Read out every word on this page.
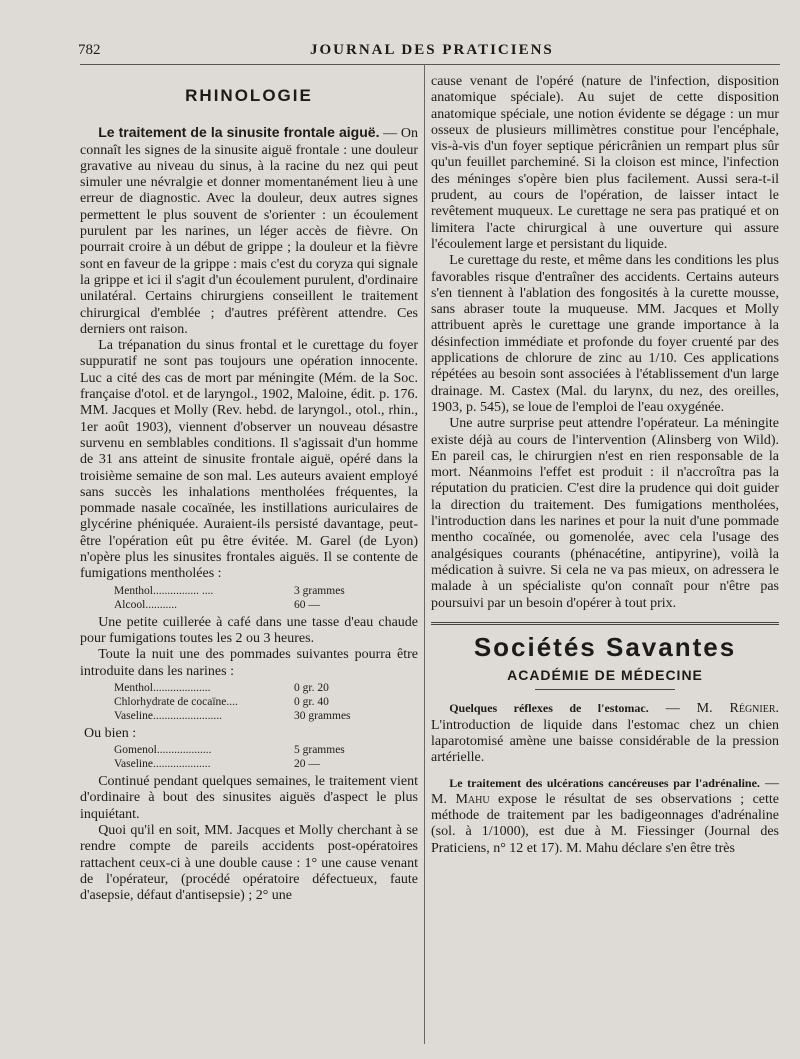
782	JOURNAL DES PRATICIENS
RHINOLOGIE

Le traitement de la sinusite frontale aiguë. — On connaît les signes de la sinusite aiguë frontale : une douleur gravative au niveau du sinus, à la racine du nez qui peut simuler une névralgie et donner momentanément lieu à une erreur de diagnostic. Avec la douleur, deux autres signes permettent le plus souvent de s'orienter : un écoulement purulent par les narines, un léger accès de fièvre. On pourrait croire à un début de grippe ; la douleur et la fièvre sont en faveur de la grippe : mais c'est du coryza qui signale la grippe et ici il s'agit d'un écoulement purulent, d'ordinaire unilatéral. Certains chirurgiens conseillent le traitement chirurgical d'emblée ; d'autres préfèrent attendre. Ces derniers ont raison.

La trépanation du sinus frontal et le curettage du foyer suppuratif ne sont pas toujours une opération innocente. Luc a cité des cas de mort par méningite (Mém. de la Soc. française d'otol. et de laryngol., 1902, Maloine, édit. p. 176. MM. Jacques et Molly (Rev. hebd. de laryngol., otol., rhin., 1er août 1903), viennent d'observer un nouveau désastre survenu en semblables conditions. Il s'agissait d'un homme de 31 ans atteint de sinusite frontale aiguë, opéré dans la troisième semaine de son mal. Les auteurs avaient employé sans succès les inhalations mentholées fréquentes, la pommade nasale cocaïnée, les instillations auriculaires de glycérine phéniquée. Auraient-ils persisté davantage, peut-être l'opération eût pu être évitée. M. Garel (de Lyon) n'opère plus les sinusites frontales aiguës. Il se contente de fumigations mentholées :

Menthol................ ....	3 grammes
Alcool...........	60 —

Une petite cuillerée à café dans une tasse d'eau chaude pour fumigations toutes les 2 ou 3 heures.

Toute la nuit une des pommades suivantes pourra être introduite dans les narines :

Menthol....................	0 gr. 20
Chlorhydrate de cocaïne....	0 gr. 40
Vaseline........................	30 grammes

Ou bien :

Gomenol...................	5 grammes
Vaseline....................	20 —

Continué pendant quelques semaines, le traitement vient d'ordinaire à bout des sinusites aiguës d'aspect le plus inquiétant.

Quoi qu'il en soit, MM. Jacques et Molly cherchant à se rendre compte de pareils accidents post-opératoires rattachent ceux-ci à une double cause : 1° une cause venant de l'opérateur, (procédé opératoire défectueux, faute d'asepsie, défaut d'antisepsie) ; 2° une

cause venant de l'opéré (nature de l'infection, disposition anatomique spéciale). Au sujet de cette disposition anatomique spéciale, une notion évidente se dégage : un mur osseux de plusieurs millimètres constitue pour l'encéphale, vis-à-vis d'un foyer septique péricrânien un rempart plus sûr qu'un feuillet parcheminé. Si la cloison est mince, l'infection des méninges s'opère bien plus facilement. Aussi sera-t-il prudent, au cours de l'opération, de laisser intact le revêtement muqueux. Le curettage ne sera pas pratiqué et on limitera l'acte chirurgical à une ouverture qui assure l'écoulement large et persistant du liquide.

Le curettage du reste, et même dans les conditions les plus favorables risque d'entraîner des accidents. Certains auteurs s'en tiennent à l'ablation des fongosités à la curette mousse, sans abraser toute la muqueuse. MM. Jacques et Molly attribuent après le curettage une grande importance à la désinfection immédiate et profonde du foyer cruenté par des applications de chlorure de zinc au 1/10. Ces applications répétées au besoin sont associées à l'établissement d'un large drainage. M. Castex (Mal. du larynx, du nez, des oreilles, 1903, p. 545), se loue de l'emploi de l'eau oxygénée.

Une autre surprise peut attendre l'opérateur. La méningite existe déjà au cours de l'intervention (Alinsberg von Wild). En pareil cas, le chirurgien n'est en rien responsable de la mort. Néanmoins l'effet est produit : il n'accroîtra pas la réputation du praticien. C'est dire la prudence qui doit guider la direction du traitement. Des fumigations mentholées, l'introduction dans les narines et pour la nuit d'une pommade mentho cocaïnée, ou gomenolée, avec cela l'usage des analgésiques courants (phénacétine, antipyrine), voilà la médication à suivre. Si cela ne va pas mieux, on adressera le malade à un spécialiste qu'on connaît pour n'être pas poursuivi par un besoin d'opérer à tout prix.

Sociétés Savantes
ACADÉMIE DE MÉDECINE

Quelques réflexes de l'estomac. — M. Régnier. L'introduction de liquide dans l'estomac chez un chien laparotomisé amène une baisse considérable de la pression artérielle.

Le traitement des ulcérations cancéreuses par l'adrénaline. — M. Mahu expose le résultat de ses observations ; cette méthode de traitement par les badigeonnages d'adrénaline (sol. à 1/1000), est due à M. Fiessinger (Journal des Praticiens, n° 12 et 17). M. Mahu déclare s'en être très
